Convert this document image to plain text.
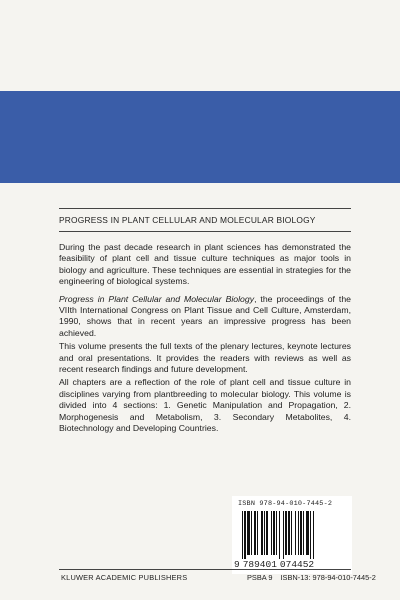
PROGRESS IN PLANT CELLULAR AND MOLECULAR BIOLOGY

During the past decade research in plant sciences has demonstrated the feasibility of plant cell and tissue culture techniques as major tools in biology and agriculture. These techniques are essential in strategies for the engineering of biological systems.

Progress in Plant Cellular and Molecular Biology, the proceedings of the VIIth International Congress on Plant Tissue and Cell Culture, Amsterdam, 1990, shows that in recent years an impressive progress has been achieved.

This volume presents the full texts of the plenary lectures, keynote lectures and oral presentations. It provides the readers with reviews as well as recent research findings and future development.

All chapters are a reflection of the role of plant cell and tissue culture in disciplines varying from plantbreeding to molecular biology. This volume is divided into 4 sections: 1. Genetic Manipulation and Propagation, 2. Morphogenesis and Metabolism, 3. Secondary Metabolites, 4. Biotechnology and Developing Countries.

ISBN 978-94-010-7445-2
9 789401 074452
KLUWER ACADEMIC PUBLISHERS	PSBA 9 ISBN-13: 978-94-010-7445-2
